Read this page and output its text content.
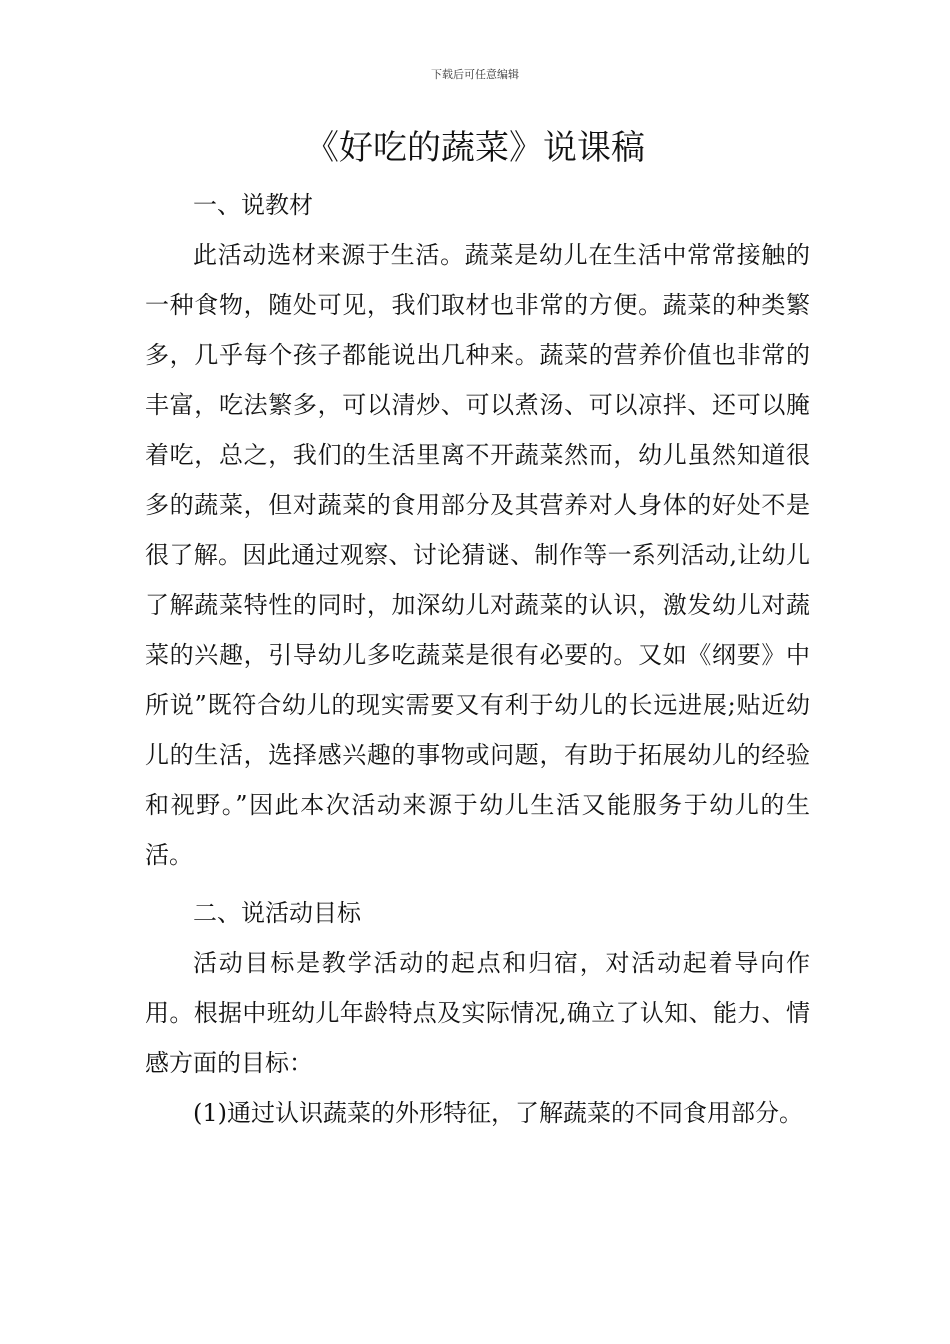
下载后可任意编辑
《好吃的蔬菜》说课稿

一、说教材

此活动选材来源于生活。蔬菜是幼儿在生活中常常接触的一种食物，随处可见，我们取材也非常的方便。蔬菜的种类繁多，几乎每个孩子都能说出几种来。蔬菜的营养价值也非常的丰富，吃法繁多，可以清炒、可以煮汤、可以凉拌、还可以腌着吃，总之，我们的生活里离不开蔬菜然而，幼儿虽然知道很多的蔬菜，但对蔬菜的食用部分及其营养对人身体的好处不是很了解。因此通过观察、讨论猜谜、制作等一系列活动,让幼儿了解蔬菜特性的同时，加深幼儿对蔬菜的认识，激发幼儿对蔬菜的兴趣，引导幼儿多吃蔬菜是很有必要的。又如《纲要》中所说”既符合幼儿的现实需要又有利于幼儿的长远进展;贴近幼儿的生活，选择感兴趣的事物或问题，有助于拓展幼儿的经验和视野。”因此本次活动来源于幼儿生活又能服务于幼儿的生活。

二、说活动目标

活动目标是教学活动的起点和归宿，对活动起着导向作用。根据中班幼儿年龄特点及实际情况,确立了认知、能力、情感方面的目标：

(1)通过认识蔬菜的外形特征，了解蔬菜的不同食用部分。
